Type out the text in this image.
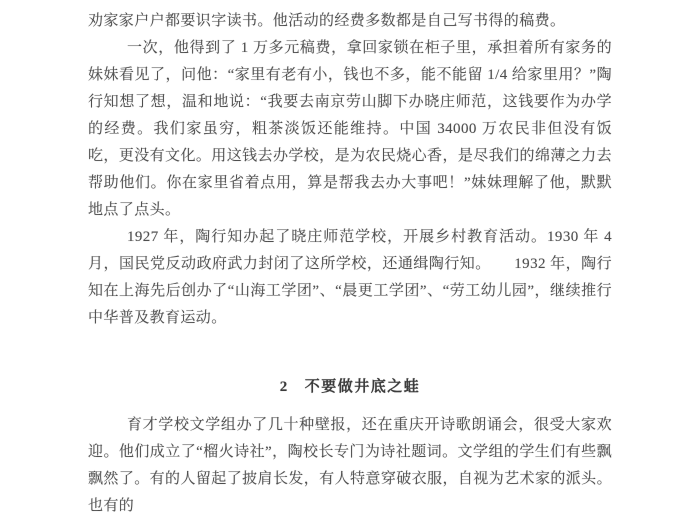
劝家家户户都要识字读书。他活动的经费多数都是自己写书得的稿费。

一次，他得到了 1 万多元稿费，拿回家锁在柜子里，承担着所有家务的妹妹看见了，问他：“家里有老有小，钱也不多，能不能留 1/4 给家里用？”陶行知想了想，温和地说：“我要去南京劳山脚下办晓庄师范，这钱要作为办学的经费。我们家虽穷，粗茶淡饭还能维持。中国 34000 万农民非但没有饭吃，更没有文化。用这钱去办学校，是为农民烧心香，是尽我们的绵薄之力去帮助他们。你在家里省着点用，算是帮我去办大事吧！”妹妹理解了他，默默地点了点头。

1927 年，陶行知办起了晓庄师范学校，开展乡村教育活动。1930 年 4 月，国民党反动政府武力封闭了这所学校，还通缉陶行知。　　1932 年，陶行知在上海先后创办了“山海工学团”、“晨更工学团”、“劳工幼儿园”，继续推行中华普及教育运动。

2 不要做井底之蛙

育才学校文学组办了几十种壁报，还在重庆开诗歌朗诵会，很受大家欢迎。他们成立了“榴火诗社”，陶校长专门为诗社题词。文学组的学生们有些飘飘然了。有的人留起了披肩长发，有人特意穿破衣服，自视为艺术家的派头。也有的
